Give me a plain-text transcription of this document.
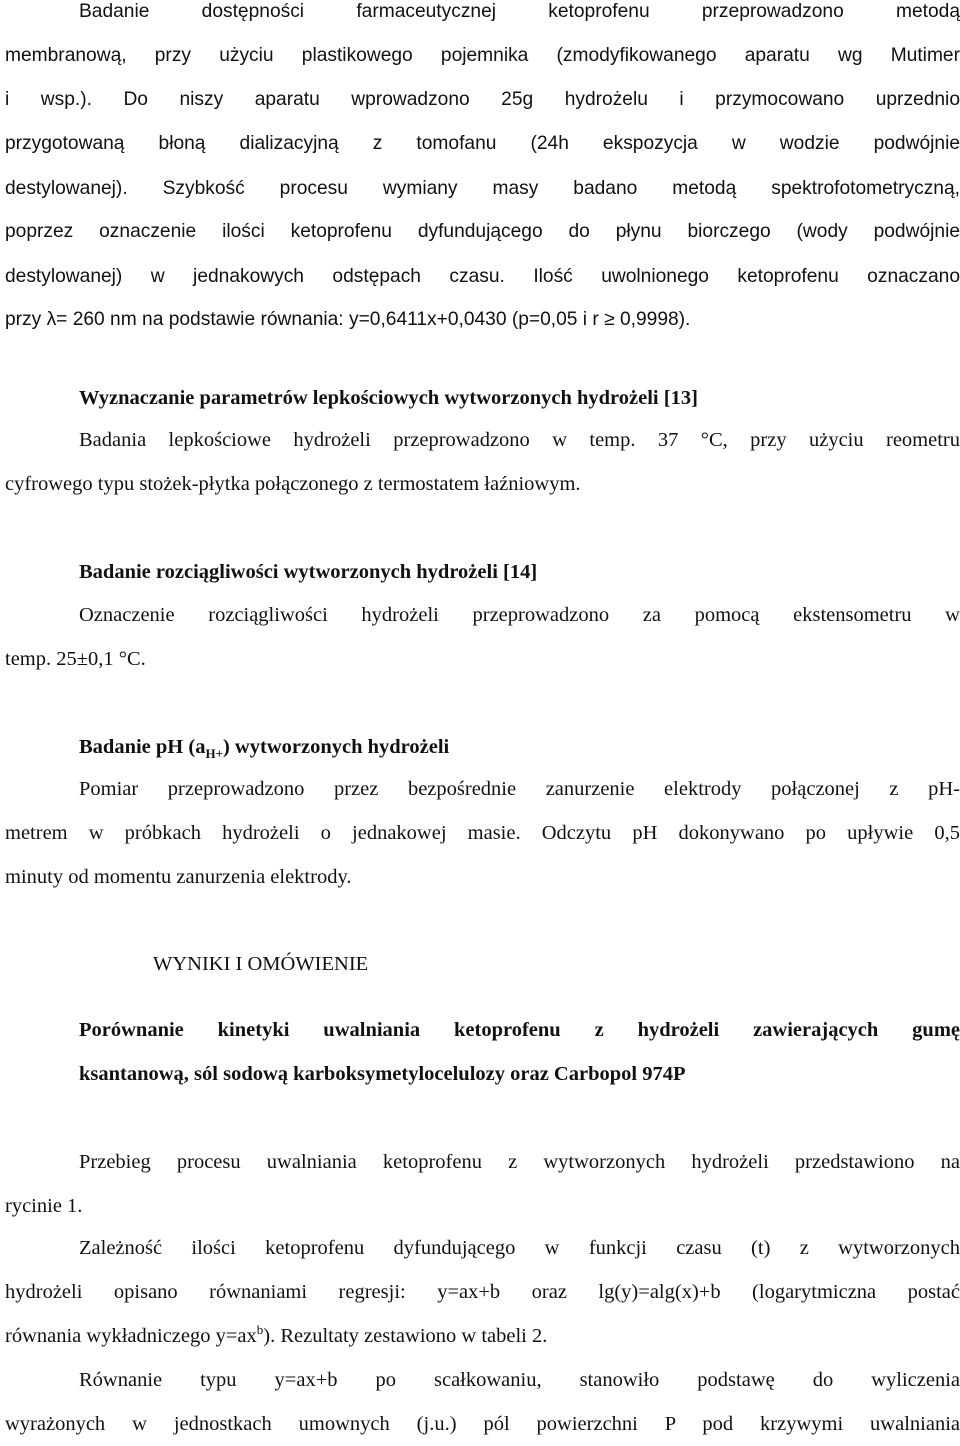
Badanie dostępności farmaceutycznej ketoprofenu przeprowadzono metodą
membranową, przy użyciu plastikowego pojemnika (zmodyfikowanego aparatu wg Mutimer
i wsp.). Do niszy aparatu wprowadzono 25g hydrożelu i przymocowano uprzednio
przygotowaną błoną dializacyjną z tomofanu (24h ekspozycja w wodzie podwójnie
destylowanej). Szybkość procesu wymiany masy badano metodą spektrofotometryczną,
poprzez oznaczenie ilości ketoprofenu dyfundującego do płynu biorczego (wody podwójnie
destylowanej) w jednakowych odstępach czasu. Ilość uwolnionego ketoprofenu oznaczano
przy λ= 260 nm na podstawie równania: y=0,6411x+0,0430 (p=0,05 i r ≥ 0,9998).
Wyznaczanie parametrów lepkościowych wytworzonych hydrożeli [13]
Badania lepkościowe hydrożeli przeprowadzono w temp. 37 °C, przy użyciu reometru
cyfrowego typu stożek-płytka połączonego z termostatem łaźniowym.
Badanie rozciągliwości wytworzonych hydrożeli [14]
Oznaczenie rozciągliwości hydrożeli przeprowadzono za pomocą ekstensometru w
temp. 25±0,1 °C.
Badanie pH $(a_{H+})$ wytworzonych hydrożeli
Pomiar przeprowadzono przez bezpośrednie zanurzenie elektrody połączonej z pH-
metrem w próbkach hydrożeli o jednakowej masie. Odczytu pH dokonywano po upływie 0,5
minuty od momentu zanurzenia elektrody.
WYNIKI I OMÓWIENIE
Porównanie kinetyki uwalniania ketoprofenu z hydrożeli zawierających gumę
ksantanową, sól sodową karboksymetylocelulozy oraz Carbopol 974P
Przebieg procesu uwalniania ketoprofenu z wytworzonych hydrożeli przedstawiono na
rycinie 1.
Zależność ilości ketoprofenu dyfundującego w funkcji czasu (t) z wytworzonych
hydrożeli opisano równaniami regresji: y=ax+b oraz lg(y)=alg(x)+b (logarytmiczna postać
równania wykładniczego $y=ax^b$). Rezultaty zestawiono w tabeli 2.
Równanie typu y=ax+b po scałkowaniu, stanowiło podstawę do wyliczenia
wyrażonych w jednostkach umownych (j.u.) pól powierzchni P pod krzywymi uwalniania
